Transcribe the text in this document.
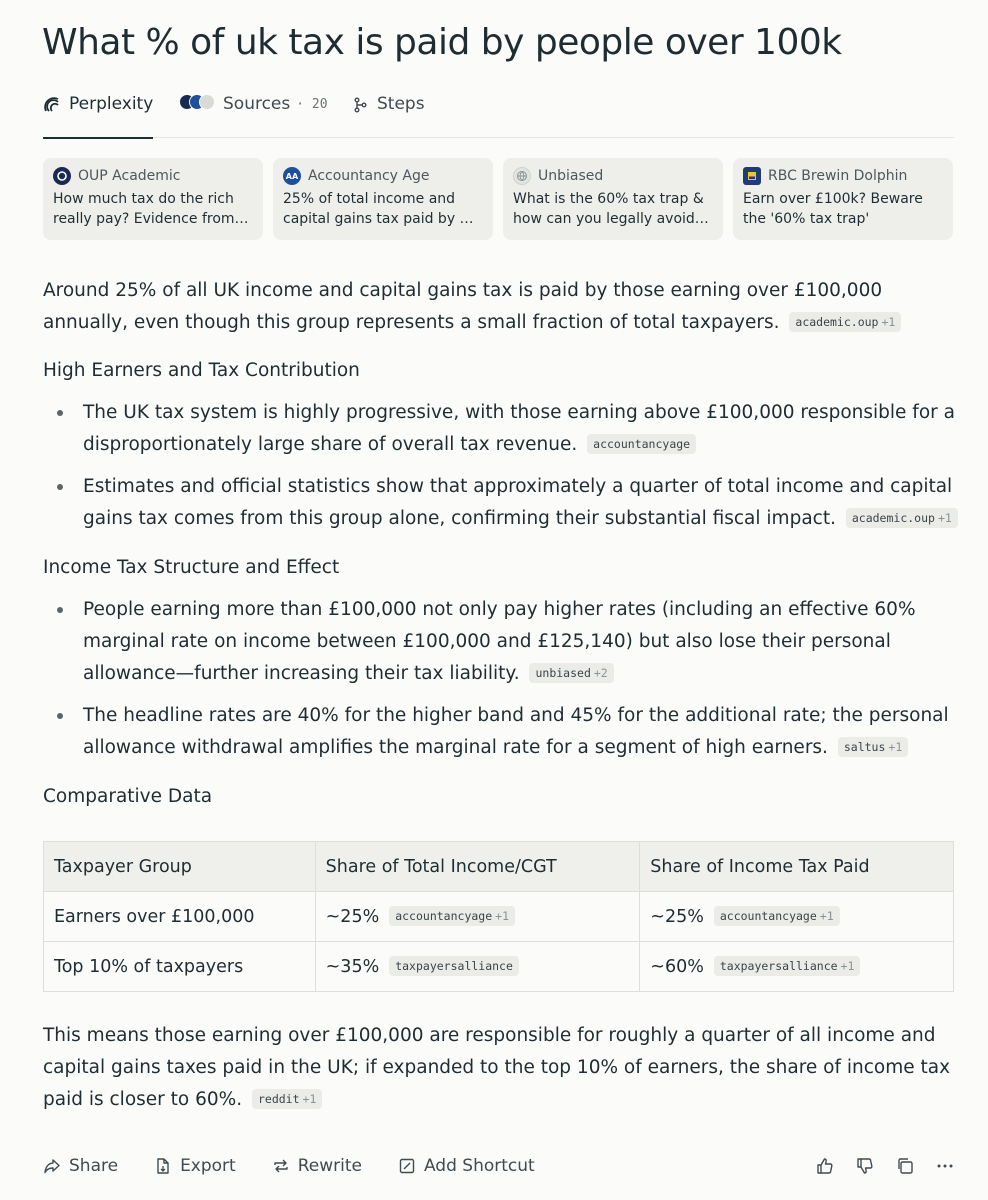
What % of uk tax is paid by people over 100k
Perplexity	Sources · 20	Steps
OUP Academic
How much tax do the rich really pay? Evidence from…
AA Accountancy Age
25% of total income and capital gains tax paid by …
Unbiased
What is the 60% tax trap & how can you legally avoid…
RBC Brewin Dolphin
Earn over £100k? Beware the '60% tax trap'

Around 25% of all UK income and capital gains tax is paid by those earning over £100,000 annually, even though this group represents a small fraction of total taxpayers. academic.oup +1

High Earners and Tax Contribution
The UK tax system is highly progressive, with those earning above £100,000 responsible for a disproportionately large share of overall tax revenue. accountancyage
Estimates and official statistics show that approximately a quarter of total income and capital gains tax comes from this group alone, confirming their substantial fiscal impact. academic.oup +1
Income Tax Structure and Effect
People earning more than £100,000 not only pay higher rates (including an effective 60% marginal rate on income between £100,000 and £125,140) but also lose their personal allowance—further increasing their tax liability. unbiased +2
The headline rates are 40% for the higher band and 45% for the additional rate; the personal allowance withdrawal amplifies the marginal rate for a segment of high earners. saltus +1
Comparative Data
Taxpayer Group	Share of Total Income/CGT	Share of Income Tax Paid
Earners over £100,000	~25% accountancyage +1	~25% accountancyage +1
Top 10% of taxpayers	~35% taxpayersalliance	~60% taxpayersalliance +1

This means those earning over £100,000 are responsible for roughly a quarter of all income and capital gains taxes paid in the UK; if expanded to the top 10% of earners, the share of income tax paid is closer to 60%. reddit +1

Share	Export	Rewrite	Add Shortcut
